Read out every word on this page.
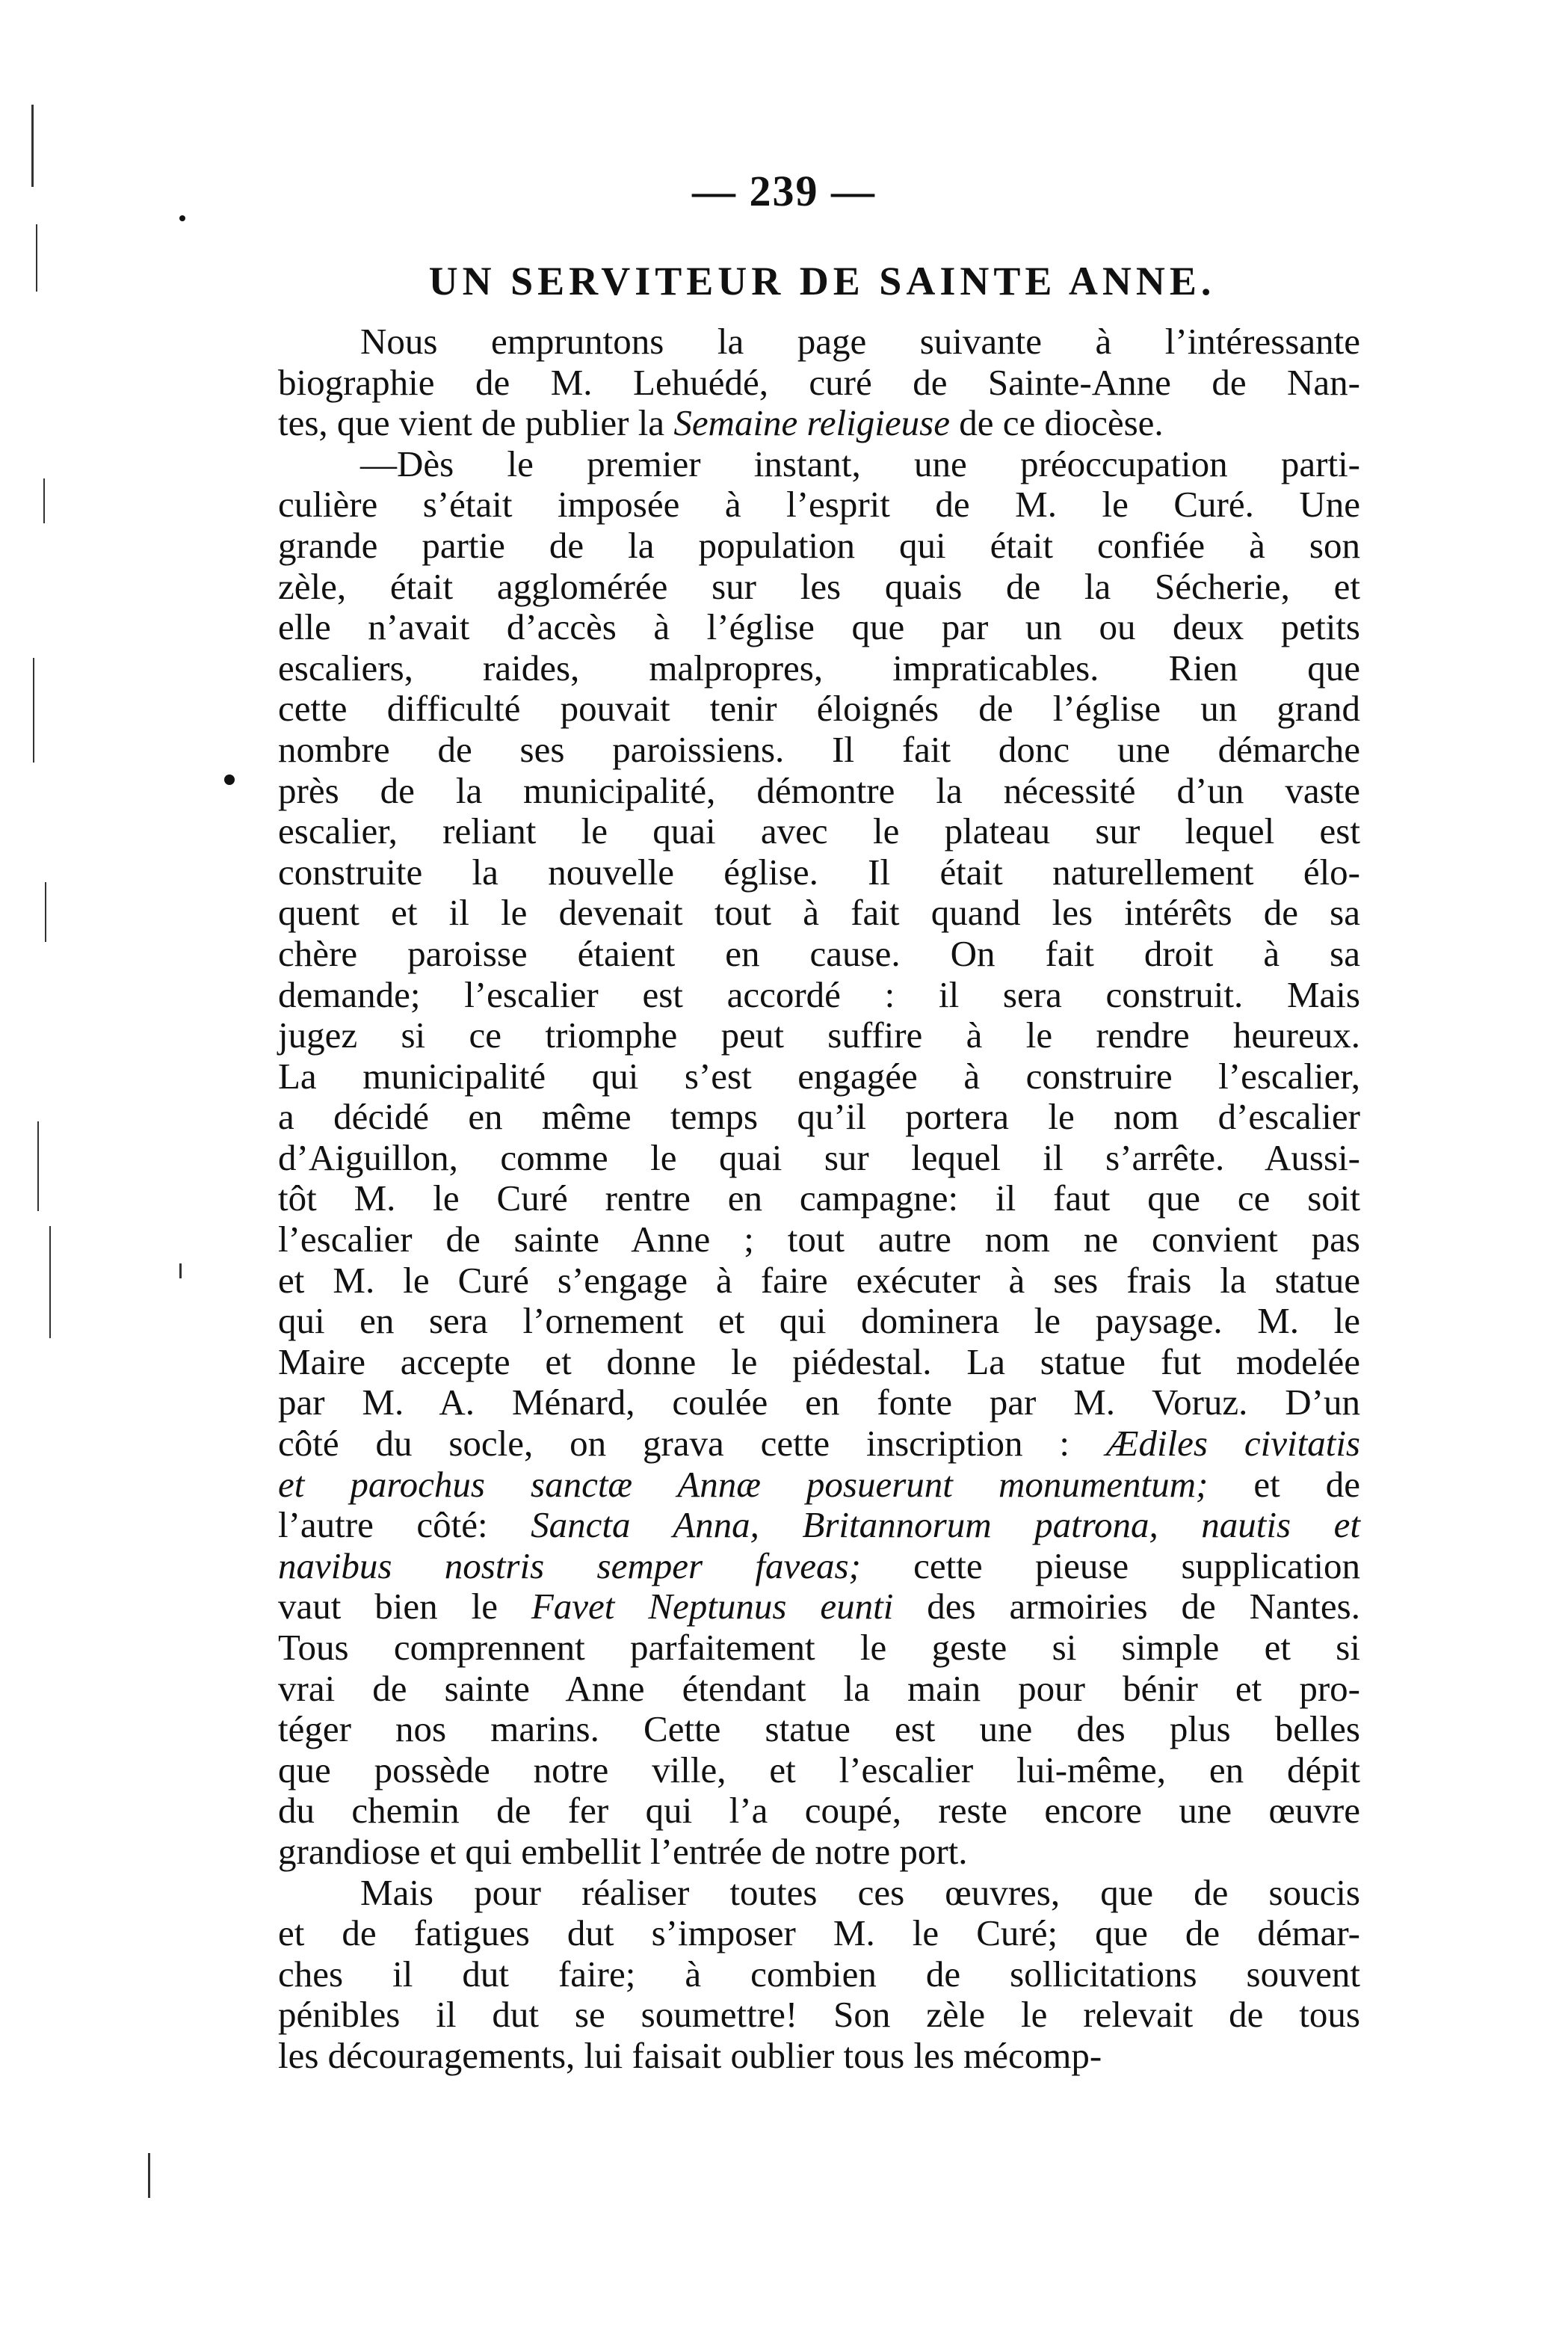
— 239 —
UN SERVITEUR DE SAINTE ANNE.
Nous empruntons la page suivante à l’intéressante
biographie de M. Lehuédé, curé de Sainte-Anne de Nan-
tes, que vient de publier la Semaine religieuse de ce diocèse.
—Dès le premier instant, une préoccupation parti-
culière s’était imposée à l’esprit de M. le Curé. Une
grande partie de la population qui était confiée à son
zèle, était agglomérée sur les quais de la Sécherie, et
elle n’avait d’accès à l’église que par un ou deux petits
escaliers, raides, malpropres, impraticables. Rien que
cette difficulté pouvait tenir éloignés de l’église un grand
nombre de ses paroissiens. Il fait donc une démarche
près de la municipalité, démontre la nécessité d’un vaste
escalier, reliant le quai avec le plateau sur lequel est
construite la nouvelle église. Il était naturellement élo-
quent et il le devenait tout à fait quand les intérêts de sa
chère paroisse étaient en cause. On fait droit à sa
demande; l’escalier est accordé : il sera construit. Mais
jugez si ce triomphe peut suffire à le rendre heureux.
La municipalité qui s’est engagée à construire l’escalier,
a décidé en même temps qu’il portera le nom d’escalier
d’Aiguillon, comme le quai sur lequel il s’arrête. Aussi-
tôt M. le Curé rentre en campagne: il faut que ce soit
l’escalier de sainte Anne ; tout autre nom ne convient pas
et M. le Curé s’engage à faire exécuter à ses frais la statue
qui en sera l’ornement et qui dominera le paysage. M. le
Maire accepte et donne le piédestal. La statue fut modelée
par M. A. Ménard, coulée en fonte par M. Voruz. D’un
côté du socle, on grava cette inscription : Ædiles civitatis
et parochus sanctæ Annæ posuerunt monumentum; et de
l’autre côté: Sancta Anna, Britannorum patrona, nautis et
navibus nostris semper faveas; cette pieuse supplication
vaut bien le Favet Neptunus eunti des armoiries de Nantes.
Tous comprennent parfaitement le geste si simple et si
vrai de sainte Anne étendant la main pour bénir et pro-
téger nos marins. Cette statue est une des plus belles
que possède notre ville, et l’escalier lui-même, en dépit
du chemin de fer qui l’a coupé, reste encore une œuvre
grandiose et qui embellit l’entrée de notre port.
Mais pour réaliser toutes ces œuvres, que de soucis
et de fatigues dut s’imposer M. le Curé; que de démar-
ches il dut faire; à combien de sollicitations souvent
pénibles il dut se soumettre! Son zèle le relevait de tous
les découragements, lui faisait oublier tous les mécomp-
